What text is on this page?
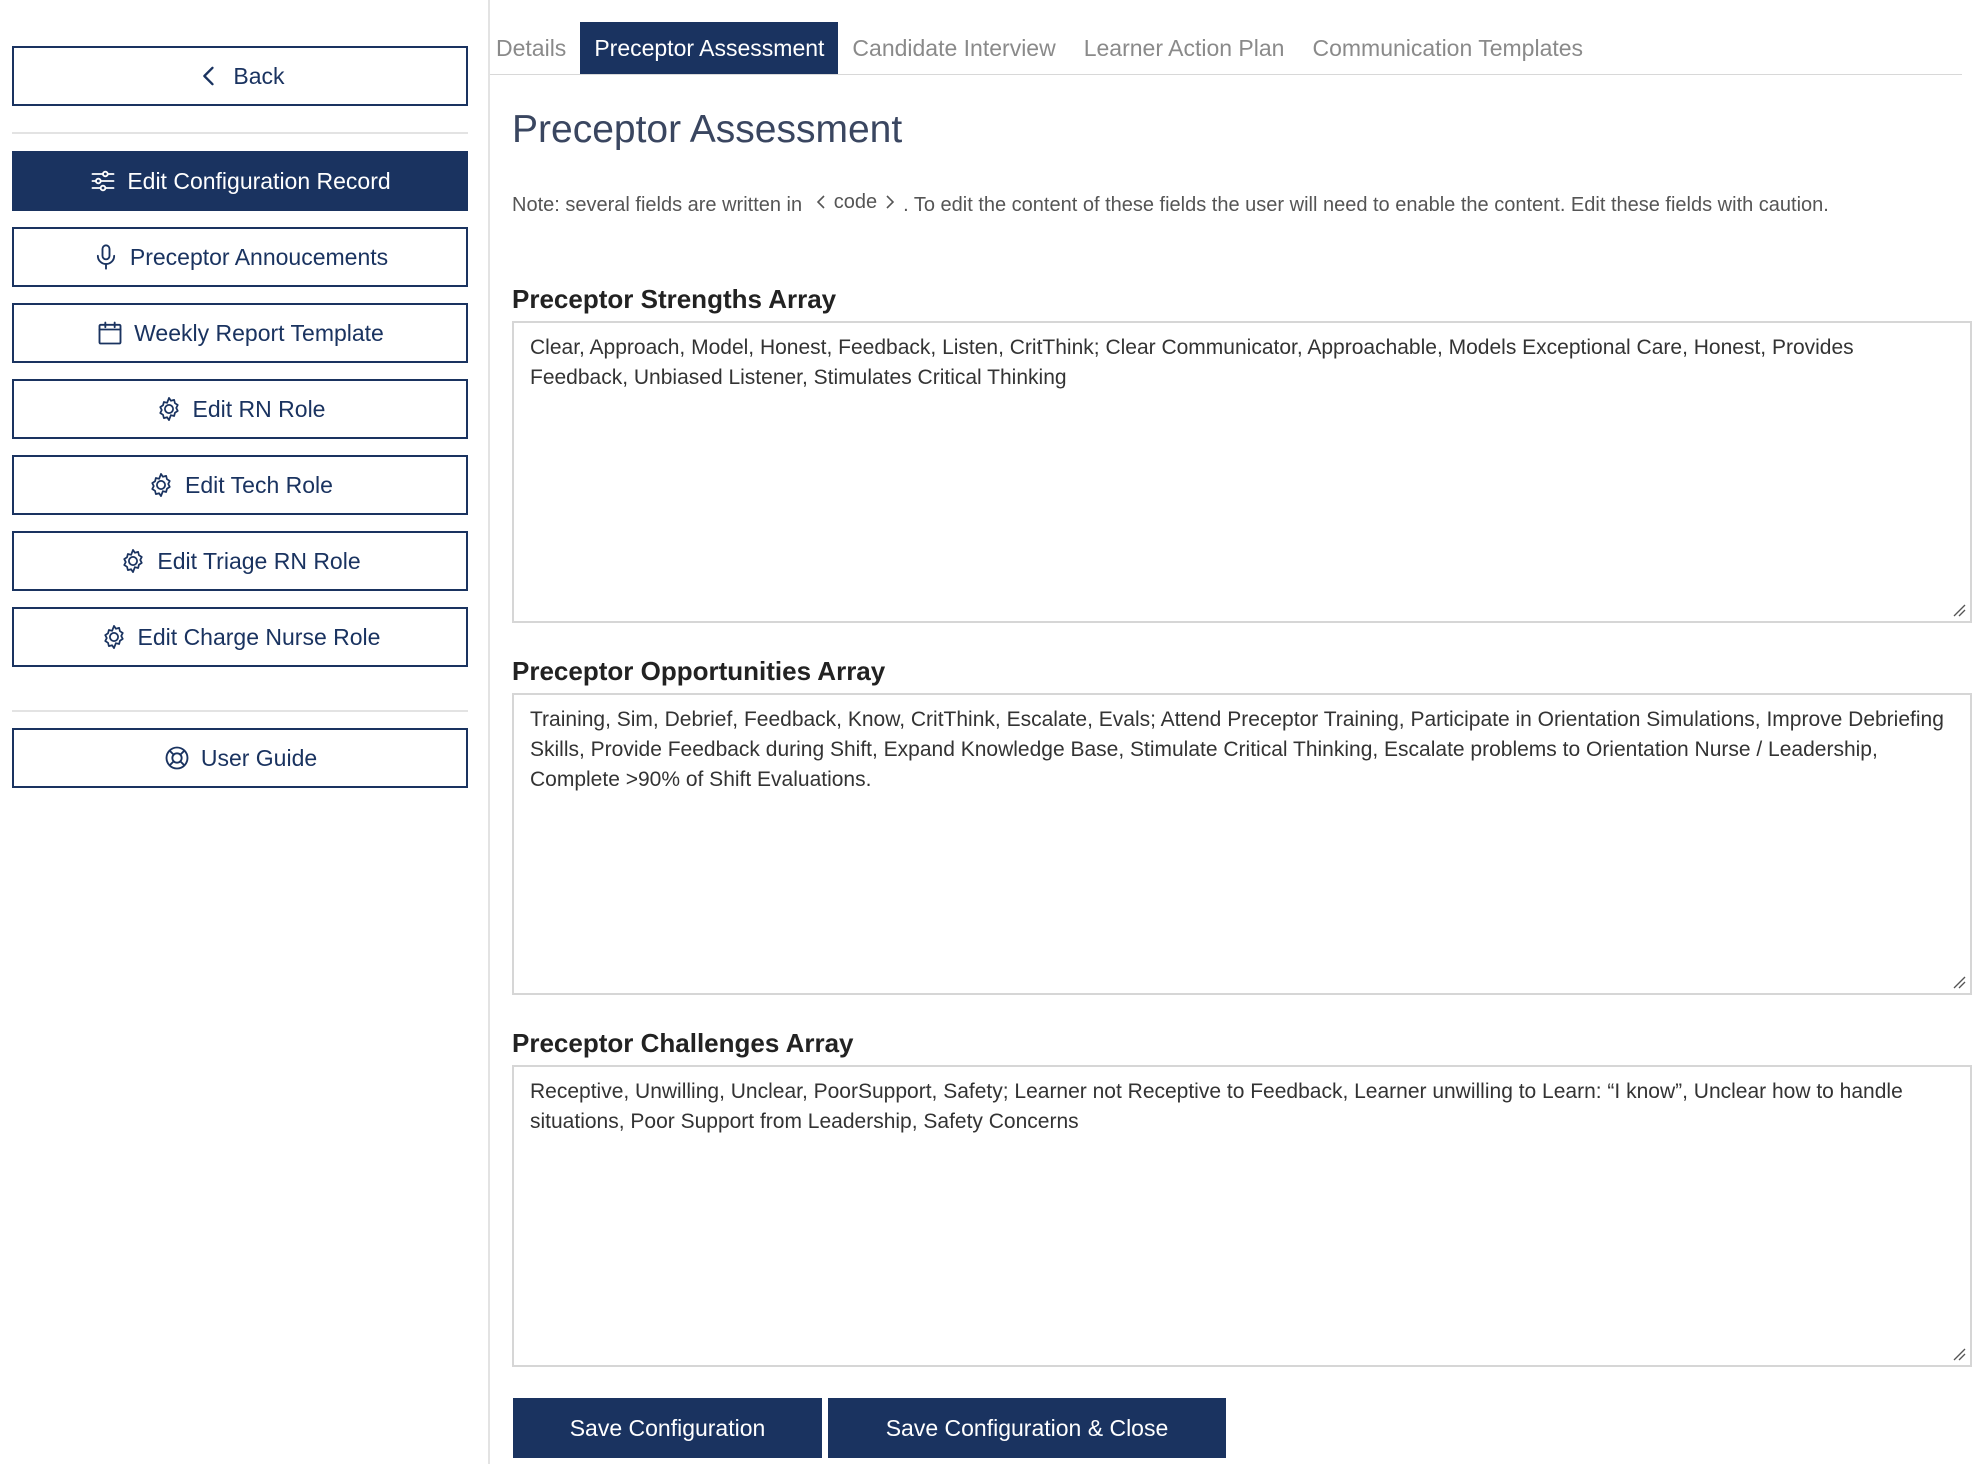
Back
Edit Configuration Record
Preceptor Annoucements
Weekly Report Template
Edit RN Role
Edit Tech Role
Edit Triage RN Role
Edit Charge Nurse Role
User Guide
Details	Preceptor Assessment	Candidate Interview	Learner Action Plan	Communication Templates
Preceptor Assessment
Note: several fields are written in code . To edit the content of these fields the user will need to enable the content. Edit these fields with caution.
Preceptor Strengths Array
Clear, Approach, Model, Honest, Feedback, Listen, CritThink; Clear Communicator, Approachable, Models Exceptional Care, Honest, Provides Feedback, Unbiased Listener, Stimulates Critical Thinking
Preceptor Opportunities Array
Training, Sim, Debrief, Feedback, Know, CritThink, Escalate, Evals; Attend Preceptor Training, Participate in Orientation Simulations, Improve Debriefing Skills, Provide Feedback during Shift, Expand Knowledge Base, Stimulate Critical Thinking, Escalate problems to Orientation Nurse / Leadership, Complete >90% of Shift Evaluations.
Preceptor Challenges Array
Receptive, Unwilling, Unclear, PoorSupport, Safety; Learner not Receptive to Feedback, Learner unwilling to Learn: “I know”, Unclear how to handle situations, Poor Support from Leadership, Safety Concerns
Save Configuration	Save Configuration & Close
